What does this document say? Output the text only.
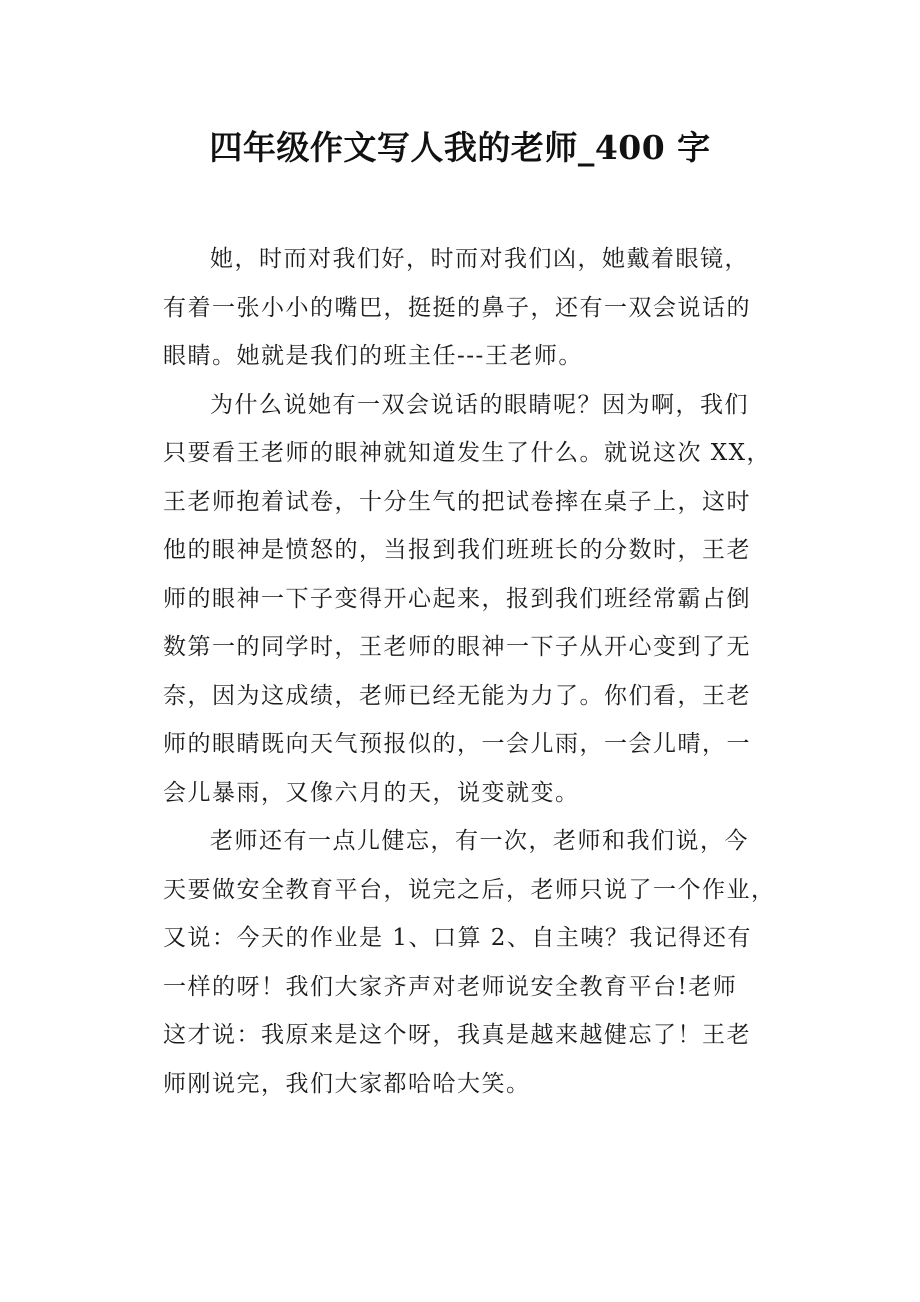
四年级作文写人我的老师_400 字
她，时而对我们好，时而对我们凶，她戴着眼镜，
有着一张小小的嘴巴，挺挺的鼻子，还有一双会说话的
眼睛。她就是我们的班主任---王老师。
为什么说她有一双会说话的眼睛呢？因为啊，我们
只要看王老师的眼神就知道发生了什么。就说这次 XX，
王老师抱着试卷，十分生气的把试卷摔在桌子上，这时
他的眼神是愤怒的，当报到我们班班长的分数时，王老
师的眼神一下子变得开心起来，报到我们班经常霸占倒
数第一的同学时，王老师的眼神一下子从开心变到了无
奈，因为这成绩，老师已经无能为力了。你们看，王老
师的眼睛既向天气预报似的，一会儿雨，一会儿晴，一
会儿暴雨，又像六月的天，说变就变。
老师还有一点儿健忘，有一次，老师和我们说，今
天要做安全教育平台，说完之后，老师只说了一个作业，
又说：今天的作业是 1、口算 2、自主咦？我记得还有
一样的呀！我们大家齐声对老师说安全教育平台!老师
这才说：我原来是这个呀，我真是越来越健忘了！王老
师刚说完，我们大家都哈哈大笑。
